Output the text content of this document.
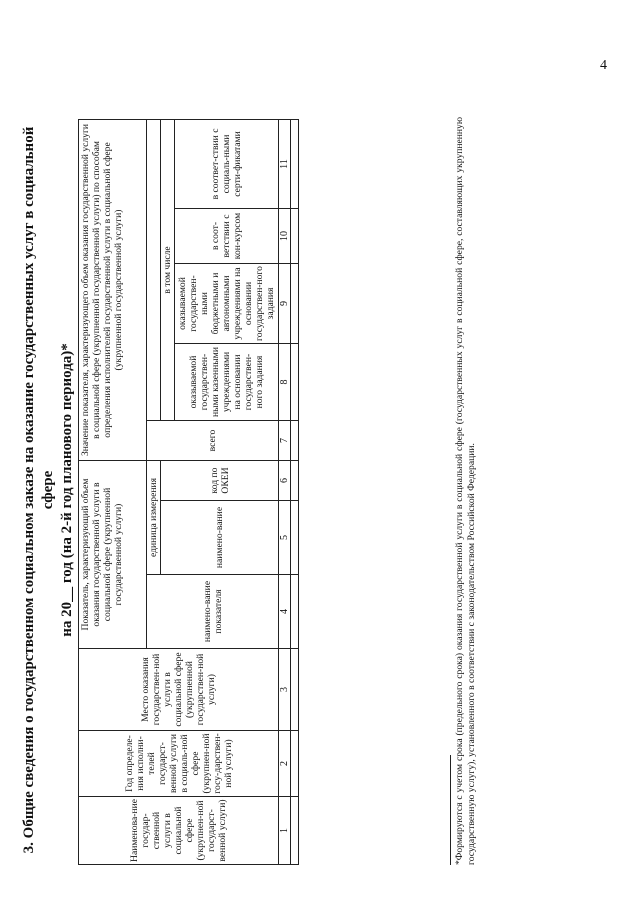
4
3. Общие сведения о государственном социальном заказе на оказание государственных услуг в социальной сфере на 20__ год (на 2-й год планового периода)*
Наименова-ние государ-ственной услуги в социальной сфере (укрупнен-ной государст-венной услуги)	Год определе-ния исполни-телей государст-венной услуги в социаль-ной сфере (укрупнен-ной госу-дарствен-ной услуги)	Место оказания государствен-ной услуги в социальной сфере (укрупненной государствен-ной услуги)	Показатель, характеризующий объем оказания государственной услуги в социальной сфере (укрупненной государственной услуги)			Значение показателя, характеризующего объем оказания государственной услуги в социальной сфере (укрупненной государственной услуги) по способам определения исполнителей государственной услуги в социальной сфере (укрупненной государственной услуги)				
			наимено-вание показателя	единица измерения		всего				
				наимено-вание	код по ОКЕИ		в том числе			
							оказываемой государствен-ными казенными учреждениями на основании государствен-ного задания	оказываемой государствен-ными бюджетными и автономными учреждениями на основании государствен-ного задания	в соот-ветствии с кон-курсом	в соответ-ствии с социаль-ными серти-фикатами
1	2	3	4	5	6	7	8	9	10	11
											*Формируются с учетом срока (предельного срока) оказания государственной услуги в социальной сфере (государственных услуг в социальной сфере, составляющих укрупненную государственную услугу), установленного в соответствии с законодательством Российской Федерации.
